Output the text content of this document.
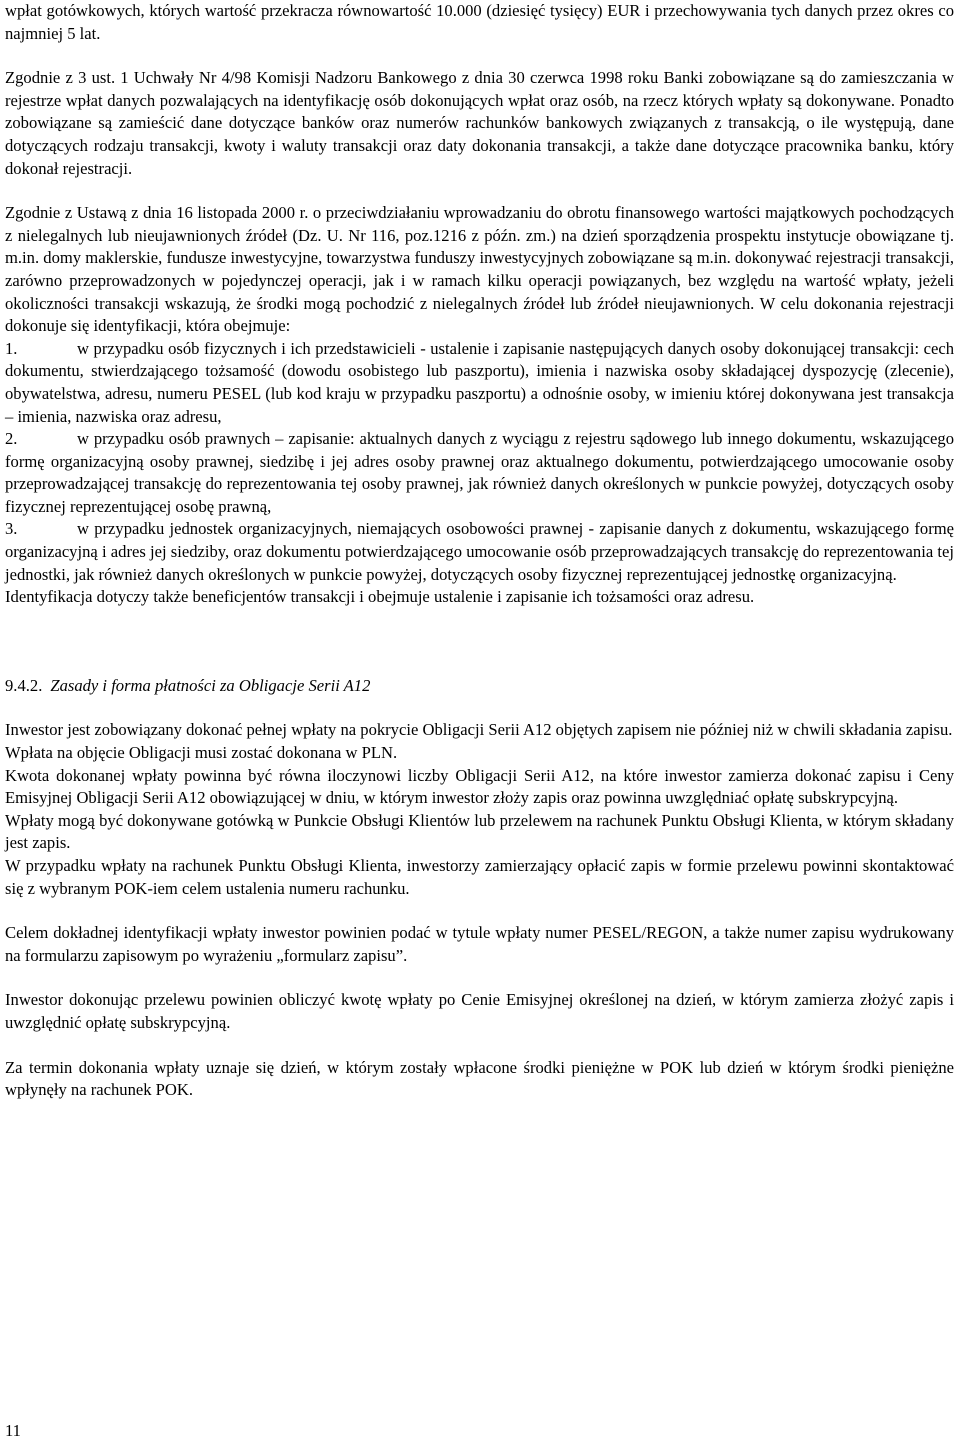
wpłat gotówkowych, których wartość przekracza równowartość 10.000 (dziesięć tysięcy) EUR i przechowywania tych danych przez okres co najmniej 5 lat.

Zgodnie z 3 ust. 1 Uchwały Nr 4/98 Komisji Nadzoru Bankowego z dnia 30 czerwca 1998 roku Banki zobowiązane są do zamieszczania w rejestrze wpłat danych pozwalających na identyfikację osób dokonujących wpłat oraz osób, na rzecz których wpłaty są dokonywane. Ponadto zobowiązane są zamieścić dane dotyczące banków oraz numerów rachunków bankowych związanych z transakcją, o ile występują, dane dotyczących rodzaju transakcji, kwoty i waluty transakcji oraz daty dokonania transakcji, a także dane dotyczące pracownika banku, który dokonał rejestracji.

Zgodnie z Ustawą z dnia 16 listopada 2000 r. o przeciwdziałaniu wprowadzaniu do obrotu finansowego wartości majątkowych pochodzących z nielegalnych lub nieujawnionych źródeł (Dz. U. Nr 116, poz.1216 z późn. zm.) na dzień sporządzenia prospektu instytucje obowiązane tj. m.in. domy maklerskie, fundusze inwestycyjne, towarzystwa funduszy inwestycyjnych zobowiązane są m.in. dokonywać rejestracji transakcji, zarówno przeprowadzonych w pojedynczej operacji, jak i w ramach kilku operacji powiązanych, bez względu na wartość wpłaty, jeżeli okoliczności transakcji wskazują, że środki mogą pochodzić z nielegalnych źródeł lub źródeł nieujawnionych. W celu dokonania rejestracji dokonuje się identyfikacji, która obejmuje:

1.	w przypadku osób fizycznych i ich przedstawicieli - ustalenie i zapisanie następujących danych osoby dokonującej transakcji: cech dokumentu, stwierdzającego tożsamość (dowodu osobistego lub paszportu), imienia i nazwiska osoby składającej dyspozycję (zlecenie), obywatelstwa, adresu, numeru PESEL (lub kod kraju w przypadku paszportu) a odnośnie osoby, w imieniu której dokonywana jest transakcja – imienia, nazwiska oraz adresu,

2.	w przypadku osób prawnych – zapisanie: aktualnych danych z wyciągu z rejestru sądowego lub innego dokumentu, wskazującego formę organizacyjną osoby prawnej, siedzibę i jej adres osoby prawnej oraz aktualnego dokumentu, potwierdzającego umocowanie osoby przeprowadzającej transakcję do reprezentowania tej osoby prawnej, jak również danych określonych w punkcie powyżej, dotyczących osoby fizycznej reprezentującej osobę prawną,

3.	w przypadku jednostek organizacyjnych, niemających osobowości prawnej - zapisanie danych z dokumentu, wskazującego formę organizacyjną i adres jej siedziby, oraz dokumentu potwierdzającego umocowanie osób przeprowadzających transakcję do reprezentowania tej jednostki, jak również danych określonych w punkcie powyżej, dotyczących osoby fizycznej reprezentującej jednostkę organizacyjną.

Identyfikacja dotyczy także beneficjentów transakcji i obejmuje ustalenie i zapisanie ich tożsamości oraz adresu.

9.4.2. Zasady i forma płatności za Obligacje Serii A12

Inwestor jest zobowiązany dokonać pełnej wpłaty na pokrycie Obligacji Serii A12 objętych zapisem nie później niż w chwili składania zapisu.

Wpłata na objęcie Obligacji musi zostać dokonana w PLN.

Kwota dokonanej wpłaty powinna być równa iloczynowi liczby Obligacji Serii A12, na które inwestor zamierza dokonać zapisu i Ceny Emisyjnej Obligacji Serii A12 obowiązującej w dniu, w którym inwestor złoży zapis oraz powinna uwzględniać opłatę subskrypcyjną.

Wpłaty mogą być dokonywane gotówką w Punkcie Obsługi Klientów lub przelewem na rachunek Punktu Obsługi Klienta, w którym składany jest zapis.

W przypadku wpłaty na rachunek Punktu Obsługi Klienta, inwestorzy zamierzający opłacić zapis w formie przelewu powinni skontaktować się z wybranym POK-iem celem ustalenia numeru rachunku.

Celem dokładnej identyfikacji wpłaty inwestor powinien podać w tytule wpłaty numer PESEL/REGON, a także numer zapisu wydrukowany na formularzu zapisowym po wyrażeniu „formularz zapisu”.

Inwestor dokonując przelewu powinien obliczyć kwotę wpłaty po Cenie Emisyjnej określonej na dzień, w którym zamierza złożyć zapis i uwzględnić opłatę subskrypcyjną.

Za termin dokonania wpłaty uznaje się dzień, w którym zostały wpłacone środki pieniężne w POK lub dzień w którym środki pieniężne wpłynęły na rachunek POK.

11
